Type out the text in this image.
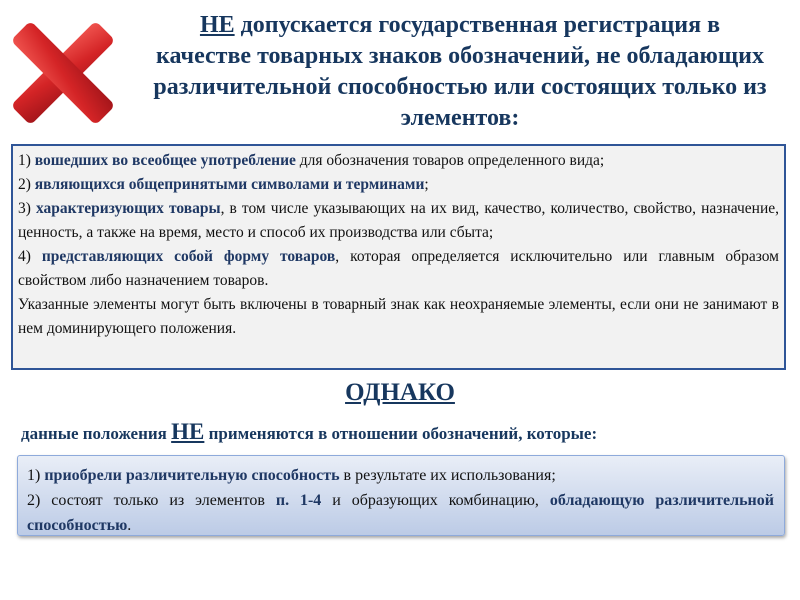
НЕ допускается государственная регистрация в качестве товарных знаков обозначений, не обладающих различительной способностью или состоящих только из элементов:

1) вошедших во всеобщее употребление для обозначения товаров определенного вида;

2) являющихся общепринятыми символами и терминами;

3) характеризующих товары, в том числе указывающих на их вид, качество, количество, свойство, назначение, ценность, а также на время, место и способ их производства или сбыта;

4) представляющих собой форму товаров, которая определяется исключительно или главным образом свойством либо назначением товаров.

Указанные элементы могут быть включены в товарный знак как неохраняемые элементы, если они не занимают в нем доминирующего положения.

ОДНАКО
данные положения НЕ применяются в отношении обозначений, которые:

1) приобрели различительную способность в результате их использования;

2) состоят только из элементов п. 1-4 и образующих комбинацию, обладающую различительной способностью.
